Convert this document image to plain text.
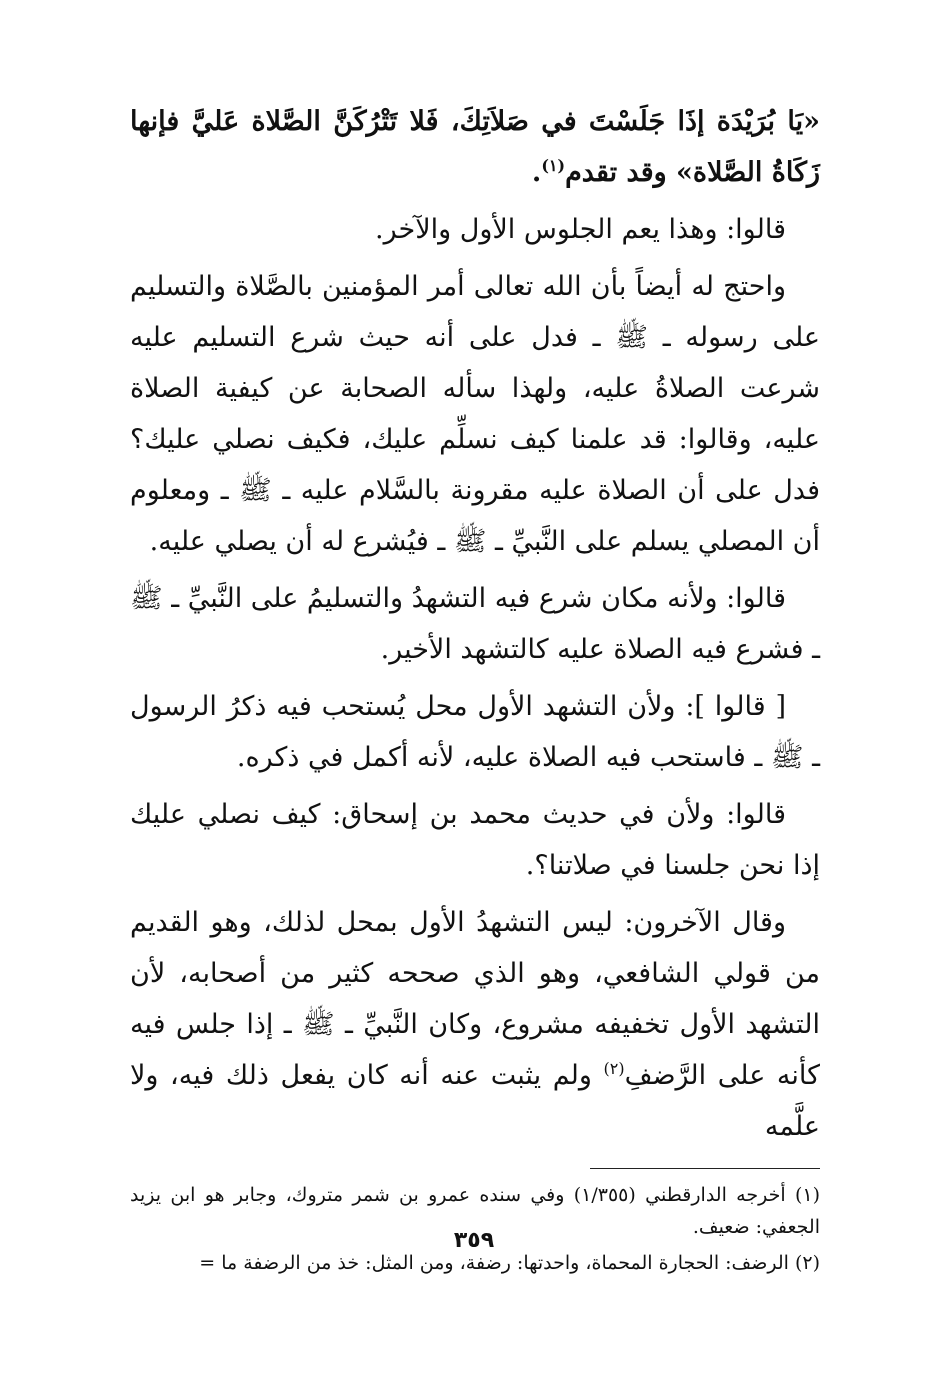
«يَا بُرَيْدَة إذَا جَلَسْتَ في صَلاَتِكَ، فَلا تَتْرُكَنَّ الصَّلاة عَليَّ فإنها زَكَاةُ الصَّلاة» وقد تقدم$^{(١)}$.

قالوا: وهذا يعم الجلوس الأول والآخر.

واحتج له أيضاً بأن الله تعالى أمر المؤمنين بالصَّلاة والتسليم على رسوله ـ ﷺ ـ فدل على أنه حيث شرع التسليم عليه شرعت الصلاةُ عليه، ولهذا سأله الصحابة عن كيفية الصلاة عليه، وقالوا: قد علمنا كيف نسلِّم عليك، فكيف نصلي عليك؟ فدل على أن الصلاة عليه مقرونة بالسَّلام عليه ـ ﷺ ـ ومعلوم أن المصلي يسلم على النَّبيِّ ـ ﷺ ـ فيُشرع له أن يصلي عليه.

قالوا: ولأنه مكان شرع فيه التشهدُ والتسليمُ على النَّبيِّ ـ ﷺ ـ فشرع فيه الصلاة عليه كالتشهد الأخير.

[ قالوا ]: ولأن التشهد الأول محل يُستحب فيه ذكرُ الرسول ـ ﷺ ـ فاستحب فيه الصلاة عليه، لأنه أكمل في ذكره.

قالوا: ولأن في حديث محمد بن إسحاق: كيف نصلي عليك إذا نحن جلسنا في صلاتنا؟.

وقال الآخرون: ليس التشهدُ الأول بمحل لذلك، وهو القديم من قولي الشافعي، وهو الذي صححه كثير من أصحابه، لأن التشهد الأول تخفيفه مشروع، وكان النَّبيِّ ـ ﷺ ـ إذا جلس فيه كأنه على الرَّضفِ$^{(٢)}$ ولم يثبت عنه أنه كان يفعل ذلك فيه، ولا علَّمه

(١) أخرجه الدارقطني (١/٣٥٥) وفي سنده عمرو بن شمر متروك، وجابر هو ابن يزيد الجعفي: ضعيف.

(٢) الرضف: الحجارة المحماة، واحدتها: رضفة، ومن المثل: خذ من الرضفة ما =

٣٥٩
